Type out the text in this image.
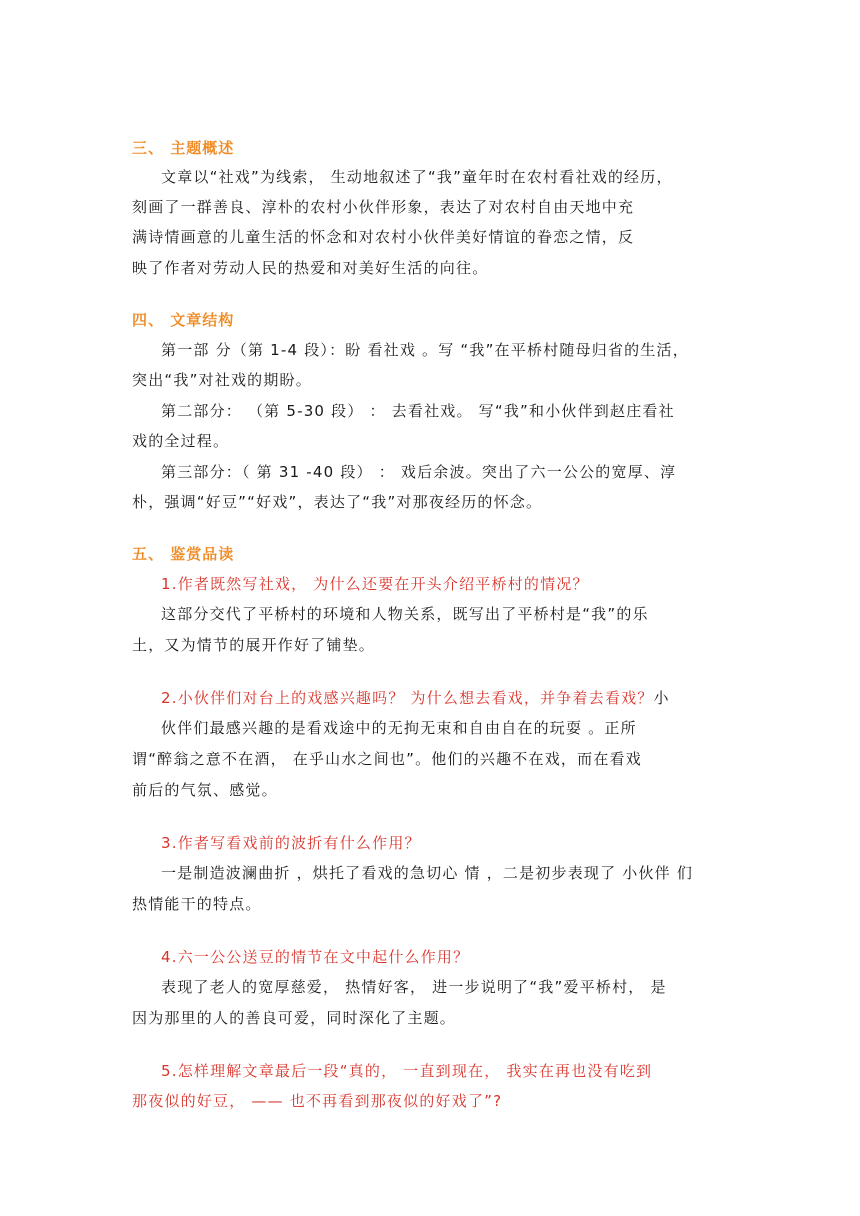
三、 主题概述
文章以“社戏”为线索， 生动地叙述了“我”童年时在农村看社戏的经历，
刻画了一群善良、淳朴的农村小伙伴形象，表达了对农村自由天地中充
满诗情画意的儿童生活的怀念和对农村小伙伴美好情谊的眷恋之情，反
映了作者对劳动人民的热爱和对美好生活的向往。
四、 文章结构
第一部 分（第 1-4 段）：盼 看社戏 。写 “我”在平桥村随母归省的生活，
突出“我”对社戏的期盼。
第二部分： （第 5-30 段） ： 去看社戏。 写“我”和小伙伴到赵庄看社
戏的全过程。
第三部分：（ 第 31 -40 段） ： 戏后余波。突出了六一公公的宽厚、淳
朴，强调“好豆”“好戏”，表达了“我”对那夜经历的怀念。
五、 鉴赏品读
1.作者既然写社戏， 为什么还要在开头介绍平桥村的情况？
这部分交代了平桥村的环境和人物关系，既写出了平桥村是“我”的乐
土，又为情节的展开作好了铺垫。
2.小伙伴们对台上的戏感兴趣吗？ 为什么想去看戏，并争着去看戏？小
伙伴们最感兴趣的是看戏途中的无拘无束和自由自在的玩耍 。正所
谓“醉翁之意不在酒， 在乎山水之间也”。他们的兴趣不在戏，而在看戏
前后的气氛、感觉。
3.作者写看戏前的波折有什么作用？
一是制造波澜曲折 ，烘托了看戏的急切心 情 ，二是初步表现了 小伙伴 们
热情能干的特点。
4.六一公公送豆的情节在文中起什么作用？
表现了老人的宽厚慈爱， 热情好客， 进一步说明了“我”爱平桥村， 是
因为那里的人的善良可爱，同时深化了主题。
5.怎样理解文章最后一段“真的， 一直到现在， 我实在再也没有吃到
那夜似的好豆， —— 也不再看到那夜似的好戏了”?
